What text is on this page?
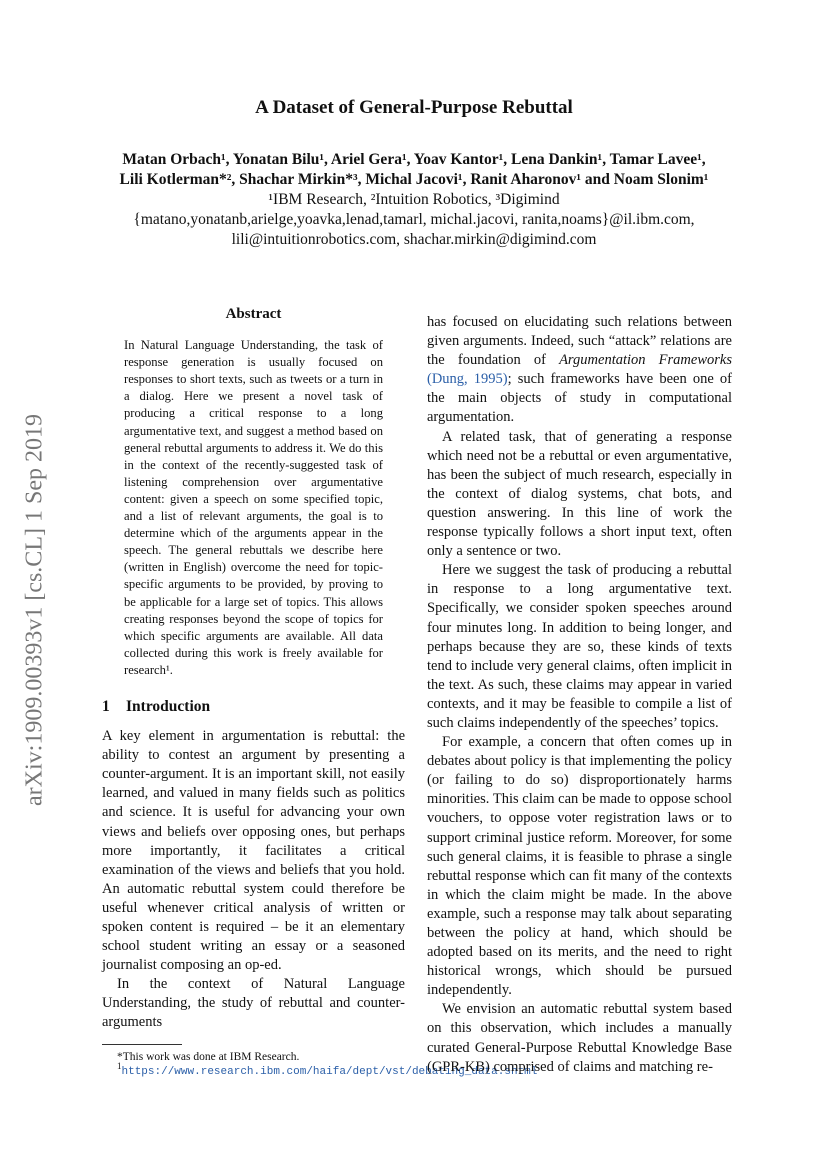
arXiv:1909.00393v1 [cs.CL] 1 Sep 2019
A Dataset of General-Purpose Rebuttal
Matan Orbach¹, Yonatan Bilu¹, Ariel Gera¹, Yoav Kantor¹, Lena Dankin¹, Tamar Lavee¹,
Lili Kotlerman*², Shachar Mirkin*³, Michal Jacovi¹, Ranit Aharonov¹ and Noam Slonim¹
¹IBM Research, ²Intuition Robotics, ³Digimind
{matano,yonatanb,arielge,yoavka,lenad,tamarl, michal.jacovi, ranita,noams}@il.ibm.com,
lili@intuitionrobotics.com, shachar.mirkin@digimind.com

Abstract

In Natural Language Understanding, the task of response generation is usually focused on responses to short texts, such as tweets or a turn in a dialog. Here we present a novel task of producing a critical response to a long argumentative text, and suggest a method based on general rebuttal arguments to address it. We do this in the context of the recently-suggested task of listening comprehension over argumentative content: given a speech on some specified topic, and a list of relevant arguments, the goal is to determine which of the arguments appear in the speech. The general rebuttals we describe here (written in English) overcome the need for topic-specific arguments to be provided, by proving to be applicable for a large set of topics. This allows creating responses beyond the scope of topics for which specific arguments are available. All data collected during this work is freely available for research¹.

1 Introduction

A key element in argumentation is rebuttal: the ability to contest an argument by presenting a counter-argument. It is an important skill, not easily learned, and valued in many fields such as politics and science. It is useful for advancing your own views and beliefs over opposing ones, but perhaps more importantly, it facilitates a critical examination of the views and beliefs that you hold. An automatic rebuttal system could therefore be useful whenever critical analysis of written or spoken content is required – be it an elementary school student writing an essay or a seasoned journalist composing an op-ed.

In the context of Natural Language Understanding, the study of rebuttal and counter-arguments

*This work was done at IBM Research.
$^1$https://www.research.ibm.com/haifa/dept/vst/debating_data.shtml

has focused on elucidating such relations between given arguments. Indeed, such “attack” relations are the foundation of Argumentation Frameworks (Dung, 1995); such frameworks have been one of the main objects of study in computational argumentation.

A related task, that of generating a response which need not be a rebuttal or even argumentative, has been the subject of much research, especially in the context of dialog systems, chat bots, and question answering. In this line of work the response typically follows a short input text, often only a sentence or two.

Here we suggest the task of producing a rebuttal in response to a long argumentative text. Specifically, we consider spoken speeches around four minutes long. In addition to being longer, and perhaps because they are so, these kinds of texts tend to include very general claims, often implicit in the text. As such, these claims may appear in varied contexts, and it may be feasible to compile a list of such claims independently of the speeches’ topics.

For example, a concern that often comes up in debates about policy is that implementing the policy (or failing to do so) disproportionately harms minorities. This claim can be made to oppose school vouchers, to oppose voter registration laws or to support criminal justice reform. Moreover, for some such general claims, it is feasible to phrase a single rebuttal response which can fit many of the contexts in which the claim might be made. In the above example, such a response may talk about separating between the policy at hand, which should be adopted based on its merits, and the need to right historical wrongs, which should be pursued independently.

We envision an automatic rebuttal system based on this observation, which includes a manually curated General-Purpose Rebuttal Knowledge Base (GPR-KB) comprised of claims and matching re-
